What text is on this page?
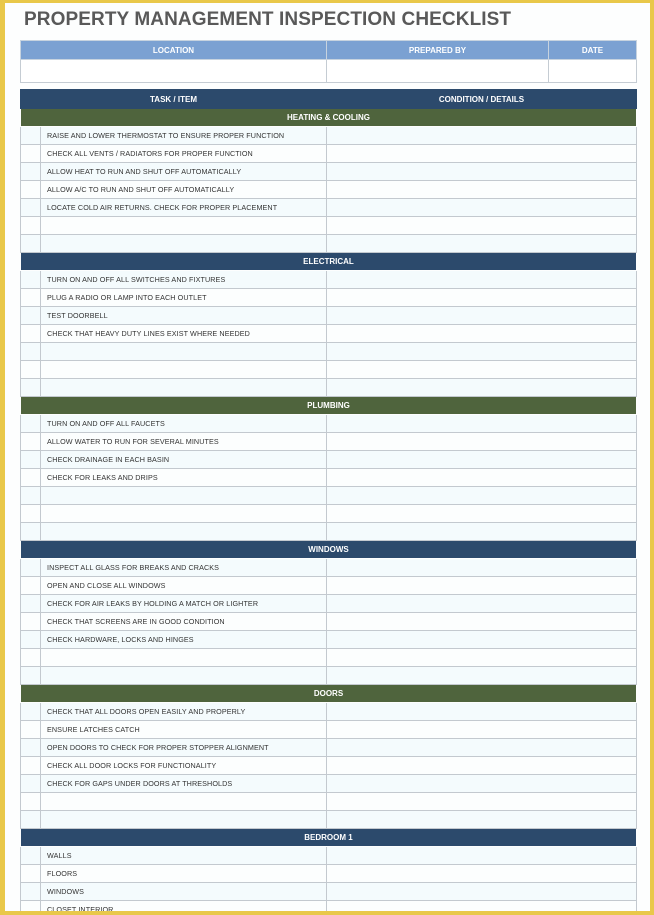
PROPERTY MANAGEMENT INSPECTION CHECKLIST
LOCATION	PREPARED BY	DATE

TASK / ITEM		CONDITION / DETAILS
HEATING & COOLING		
	RAISE AND LOWER THERMOSTAT TO ENSURE PROPER FUNCTION	
	CHECK ALL VENTS / RADIATORS FOR PROPER FUNCTION	
	ALLOW HEAT TO RUN AND SHUT OFF AUTOMATICALLY	
	ALLOW A/C TO RUN AND SHUT OFF AUTOMATICALLY	
	LOCATE COLD AIR RETURNS. CHECK FOR PROPER PLACEMENT	

ELECTRICAL		
	TURN ON AND OFF ALL SWITCHES AND FIXTURES	
	PLUG A RADIO OR LAMP INTO EACH OUTLET	
	TEST DOORBELL	
	CHECK THAT HEAVY DUTY LINES EXIST WHERE NEEDED	

PLUMBING		
	TURN ON AND OFF ALL FAUCETS	
	ALLOW WATER TO RUN FOR SEVERAL MINUTES	
	CHECK DRAINAGE IN EACH BASIN	
	CHECK FOR LEAKS AND DRIPS	

WINDOWS		
	INSPECT ALL GLASS FOR BREAKS AND CRACKS	
	OPEN AND CLOSE ALL WINDOWS	
	CHECK FOR AIR LEAKS BY HOLDING A MATCH OR LIGHTER	
	CHECK THAT SCREENS ARE IN GOOD CONDITION	
	CHECK HARDWARE, LOCKS AND HINGES	

DOORS		
	CHECK THAT ALL DOORS OPEN EASILY AND PROPERLY	
	ENSURE LATCHES CATCH	
	OPEN DOORS TO CHECK FOR PROPER STOPPER ALIGNMENT	
	CHECK ALL DOOR LOCKS FOR FUNCTIONALITY	
	CHECK FOR GAPS UNDER DOORS AT THRESHOLDS	

BEDROOM 1		
	WALLS	
	FLOORS	
	WINDOWS	
	CLOSET INTERIOR	
